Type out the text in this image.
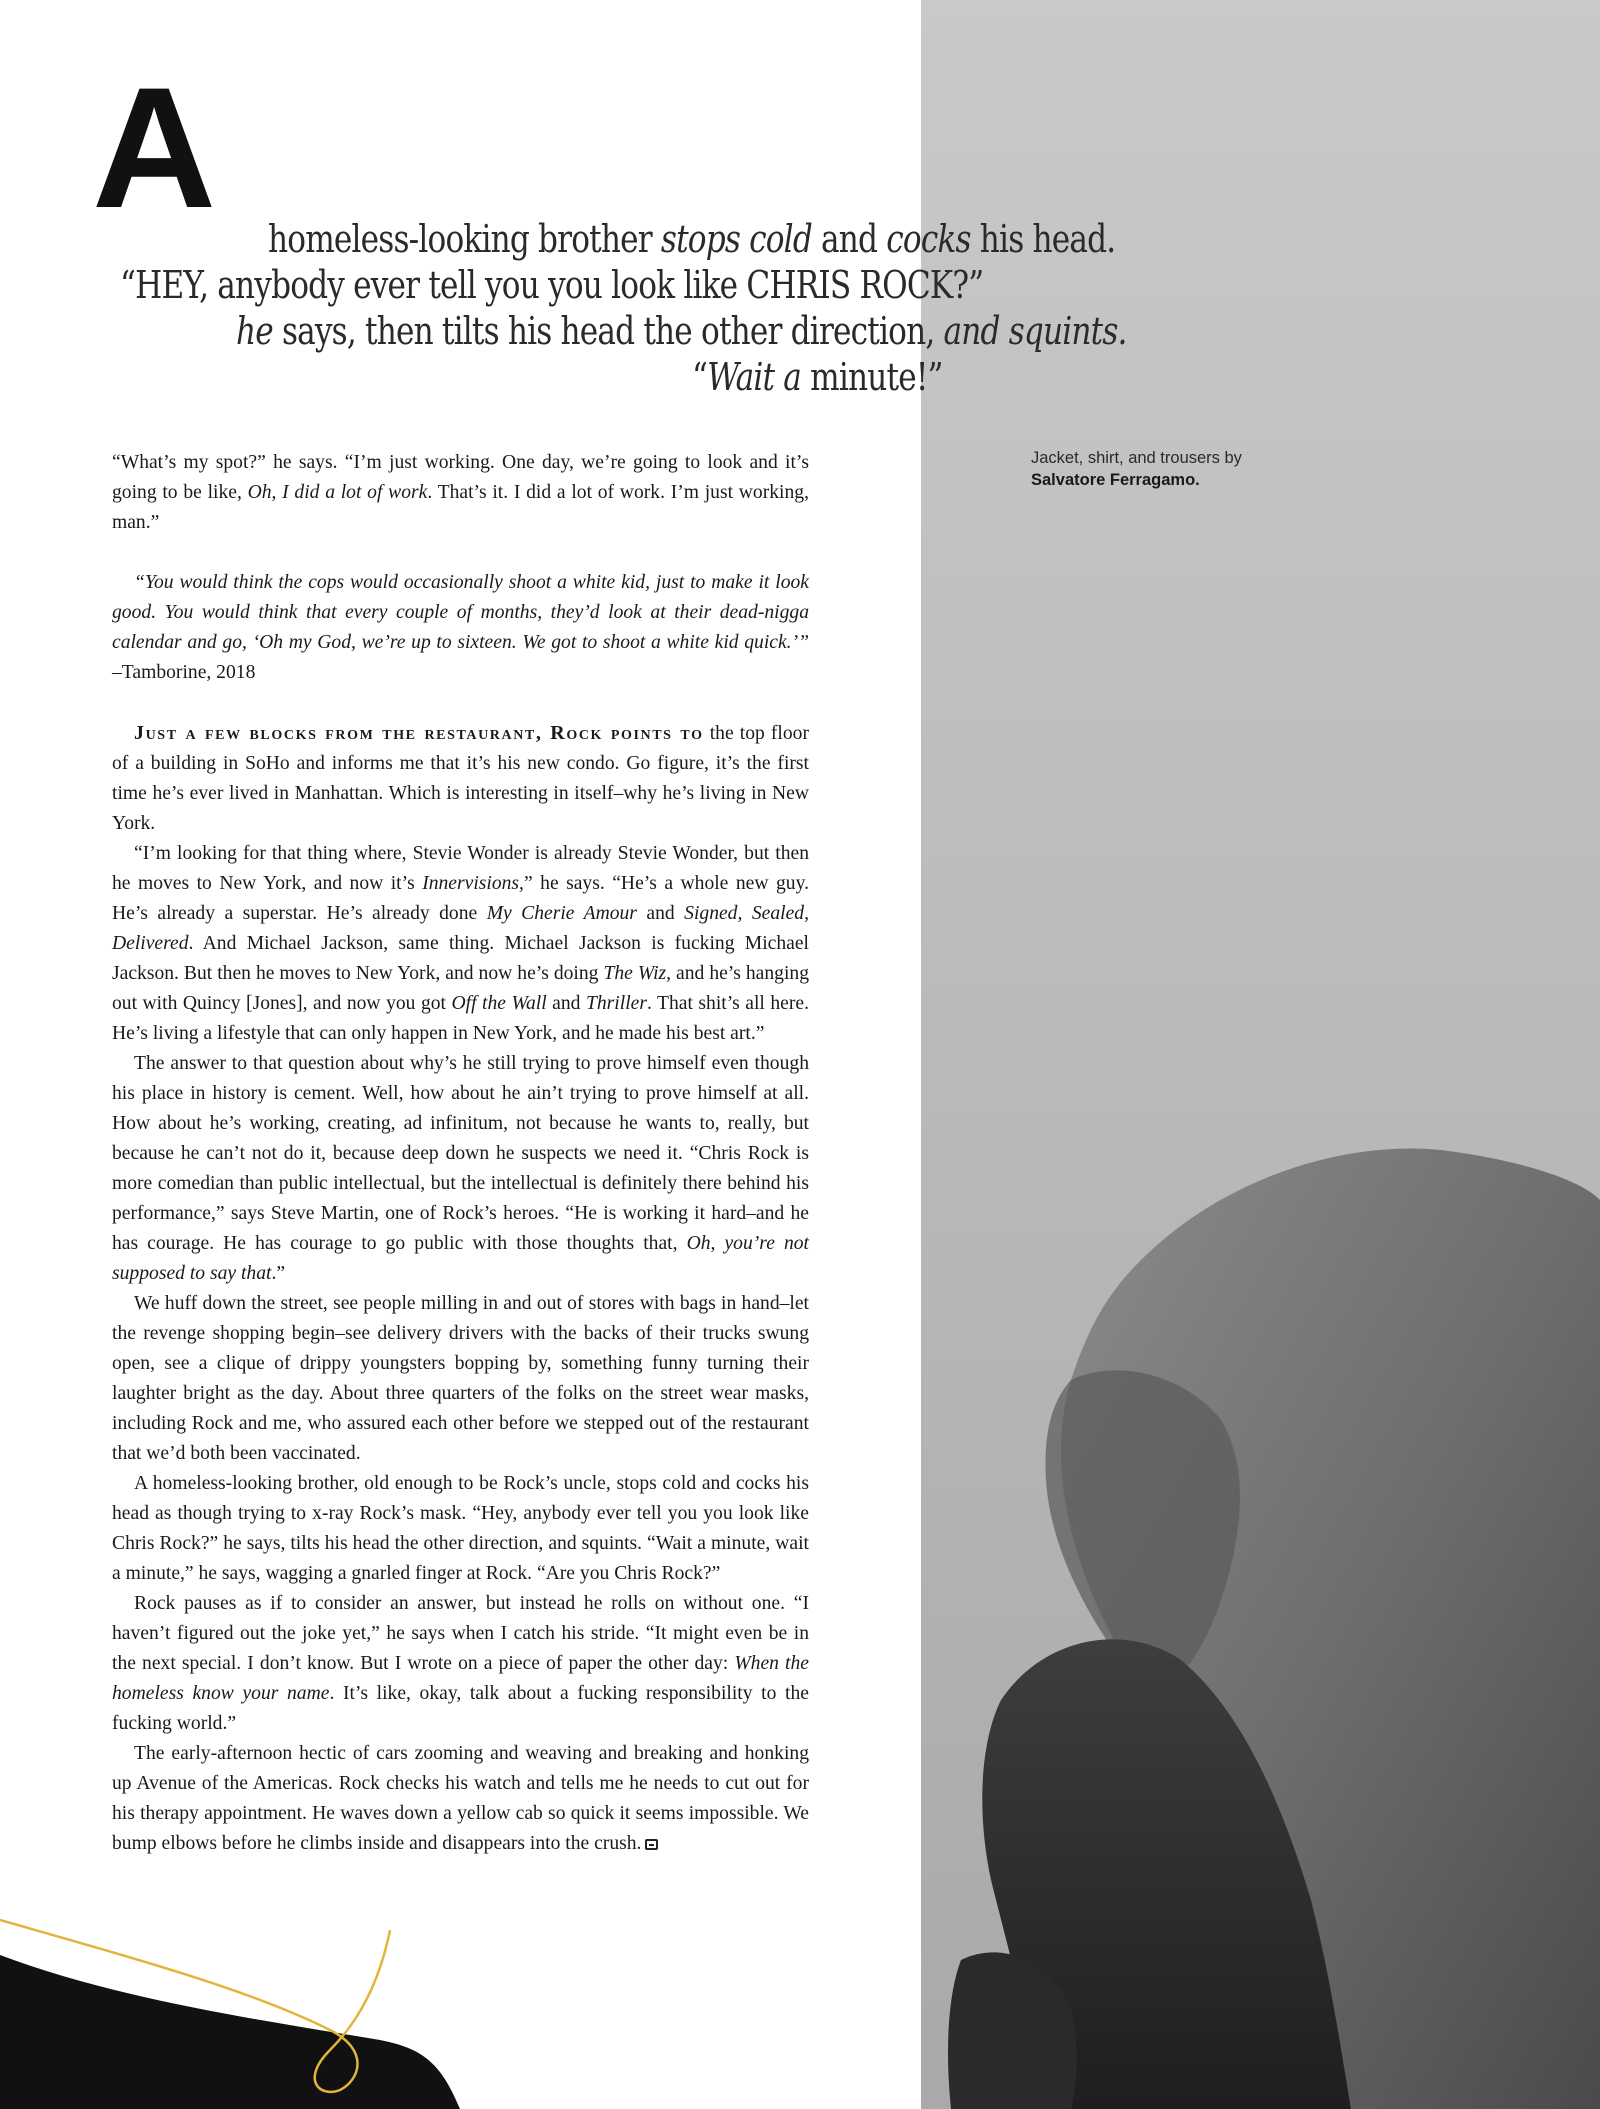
A homeless-looking brother stops cold and cocks his head.
“HEY, anybody ever tell you you look like CHRIS ROCK?”
he says, then tilts his head the other direction, and squints.
“Wait a minute!”
Jacket, shirt, and trousers by
Salvatore Ferragamo.

“What’s my spot?” he says. “I’m just working. One day, we’re going to look and it’s going to be like, Oh, I did a lot of work. That’s it. I did a lot of work. I’m just working, man.”

“You would think the cops would occasionally shoot a white kid, just to make it look good. You would think that every couple of months, they’d look at their dead-nigga calendar and go, ‘Oh my God, we’re up to sixteen. We got to shoot a white kid quick.’” –Tamborine, 2018

Just a few blocks from the restaurant, Rock points to the top floor of a building in SoHo and informs me that it’s his new condo. Go figure, it’s the first time he’s ever lived in Manhattan. Which is interesting in itself–why he’s living in New York.

“I’m looking for that thing where, Stevie Wonder is already Stevie Wonder, but then he moves to New York, and now it’s Innervisions,” he says. “He’s a whole new guy. He’s already a superstar. He’s already done My Cherie Amour and Signed, Sealed, Delivered. And Michael Jackson, same thing. Michael Jackson is fucking Michael Jackson. But then he moves to New York, and now he’s doing The Wiz, and he’s hanging out with Quincy [Jones], and now you got Off the Wall and Thriller. That shit’s all here. He’s living a lifestyle that can only happen in New York, and he made his best art.”

The answer to that question about why’s he still trying to prove himself even though his place in history is cement. Well, how about he ain’t trying to prove himself at all. How about he’s working, creating, ad infinitum, not because he wants to, really, but because he can’t not do it, because deep down he suspects we need it. “Chris Rock is more comedian than public intellectual, but the intellectual is definitely there behind his performance,” says Steve Martin, one of Rock’s heroes. “He is working it hard–and he has courage. He has courage to go public with those thoughts that, Oh, you’re not supposed to say that.”

We huff down the street, see people milling in and out of stores with bags in hand–let the revenge shopping begin–see delivery drivers with the backs of their trucks swung open, see a clique of drippy youngsters bopping by, something funny turning their laughter bright as the day. About three quarters of the folks on the street wear masks, including Rock and me, who assured each other before we stepped out of the restaurant that we’d both been vaccinated.

A homeless-looking brother, old enough to be Rock’s uncle, stops cold and cocks his head as though trying to x-ray Rock’s mask. “Hey, anybody ever tell you you look like Chris Rock?” he says, tilts his head the other direction, and squints. “Wait a minute, wait a minute,” he says, wagging a gnarled finger at Rock. “Are you Chris Rock?”

Rock pauses as if to consider an answer, but instead he rolls on without one. “I haven’t figured out the joke yet,” he says when I catch his stride. “It might even be in the next special. I don’t know. But I wrote on a piece of paper the other day: When the homeless know your name. It’s like, okay, talk about a fucking responsibility to the fucking world.”

The early-afternoon hectic of cars zooming and weaving and breaking and honking up Avenue of the Americas. Rock checks his watch and tells me he needs to cut out for his therapy appointment. He waves down a yellow cab so quick it seems impossible. We bump elbows before he climbs inside and disappears into the crush.
